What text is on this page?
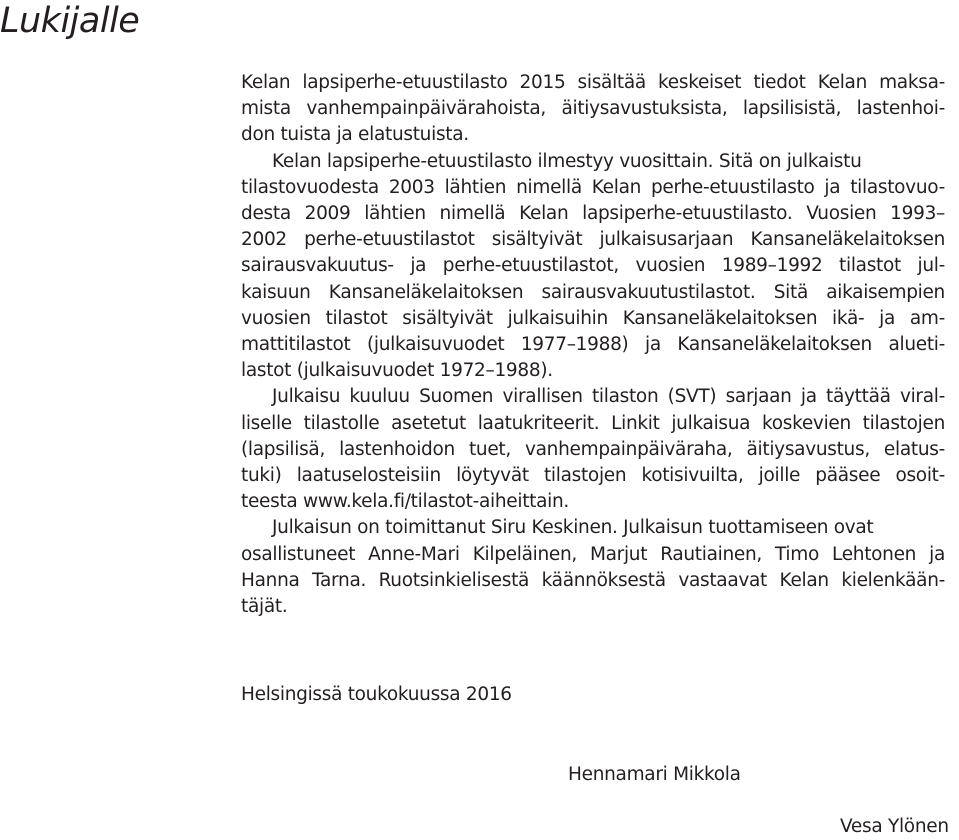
Lukijalle
Kelan lapsiperhe-etuustilasto 2015 sisältää keskeiset tiedot Kelan maksa-
mista vanhempainpäivärahoista, äitiysavustuksista, lapsilisistä, lastenhoi-
don tuista ja elatustuista.
Kelan lapsiperhe-etuustilasto ilmestyy vuosittain. Sitä on julkaistu
tilastovuodesta 2003 lähtien nimellä Kelan perhe-etuustilasto ja tilastovuo-
desta 2009 lähtien nimellä Kelan lapsiperhe-etuustilasto. Vuosien 1993–
2002 perhe-etuustilastot sisältyivät julkaisusarjaan Kansaneläkelaitoksen
sairausvakuutus- ja perhe-etuustilastot, vuosien 1989–1992 tilastot jul-
kaisuun Kansaneläkelaitoksen sairausvakuutustilastot. Sitä aikaisempien
vuosien tilastot sisältyivät julkaisuihin Kansaneläkelaitoksen ikä- ja am-
mattitilastot (julkaisuvuodet 1977–1988) ja Kansaneläkelaitoksen alueti-
lastot (julkaisuvuodet 1972–1988).
Julkaisu kuuluu Suomen virallisen tilaston (SVT) sarjaan ja täyttää viral-
liselle tilastolle asetetut laatukriteerit. Linkit julkaisua koskevien tilastojen
(lapsilisä, lastenhoidon tuet, vanhempainpäiväraha, äitiysavustus, elatus-
tuki) laatuselosteisiin löytyvät tilastojen kotisivuilta, joille pääsee osoit-
teesta www.kela.fi/tilastot-aiheittain.
Julkaisun on toimittanut Siru Keskinen. Julkaisun tuottamiseen ovat
osallistuneet Anne-Mari Kilpeläinen, Marjut Rautiainen, Timo Lehtonen ja
Hanna Tarna. Ruotsinkielisestä käännöksestä vastaavat Kelan kielenkään-
täjät.
Helsingissä toukokuussa 2016
Hennamari Mikkola
Vesa Ylönen
